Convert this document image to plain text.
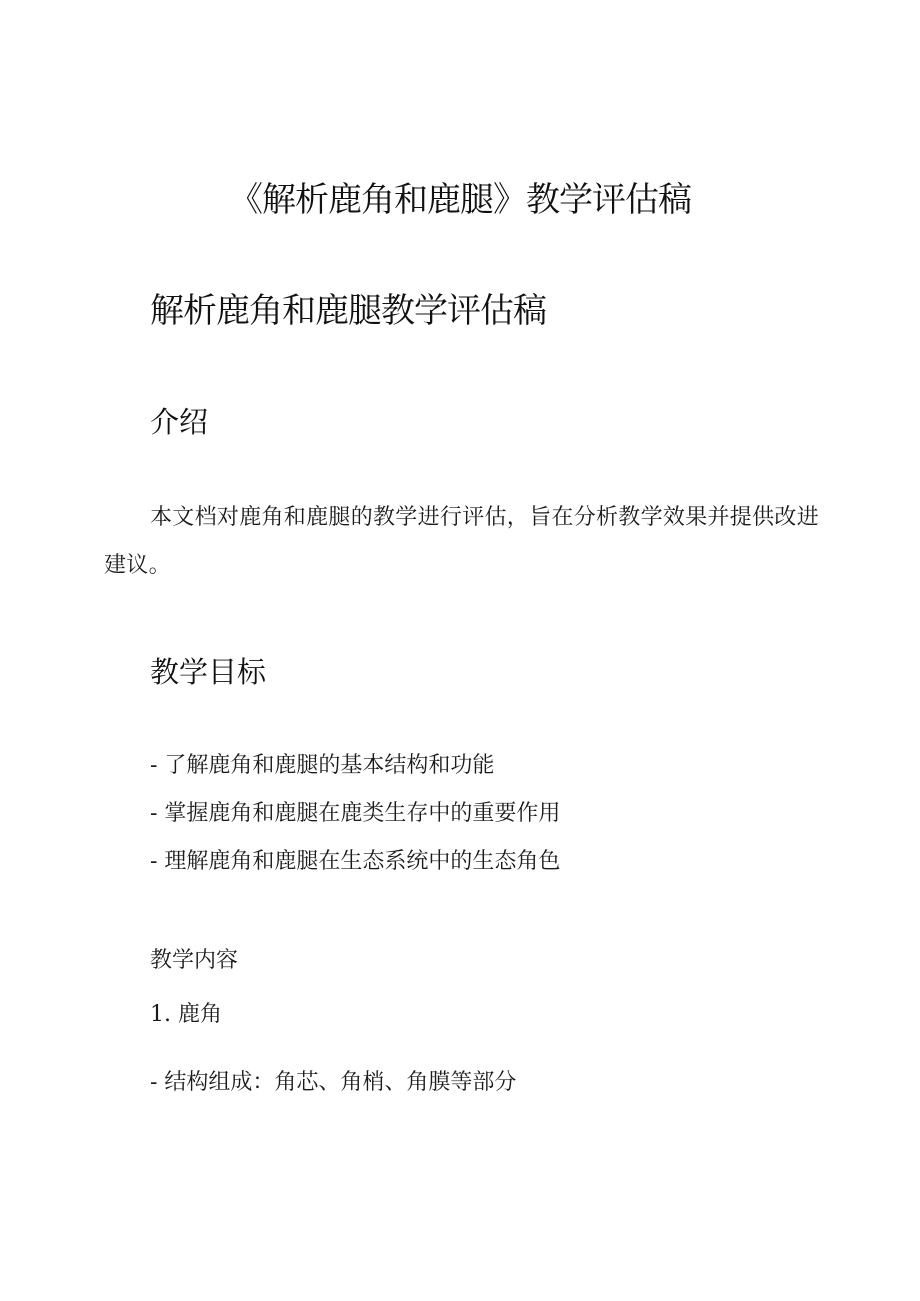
《解析鹿角和鹿腿》教学评估稿
解析鹿角和鹿腿教学评估稿
介绍
本文档对鹿角和鹿腿的教学进行评估，旨在分析教学效果并提供改进建议。
教学目标
- 了解鹿角和鹿腿的基本结构和功能
- 掌握鹿角和鹿腿在鹿类生存中的重要作用
- 理解鹿角和鹿腿在生态系统中的生态角色
教学内容
1. 鹿角
- 结构组成：角芯、角梢、角膜等部分
